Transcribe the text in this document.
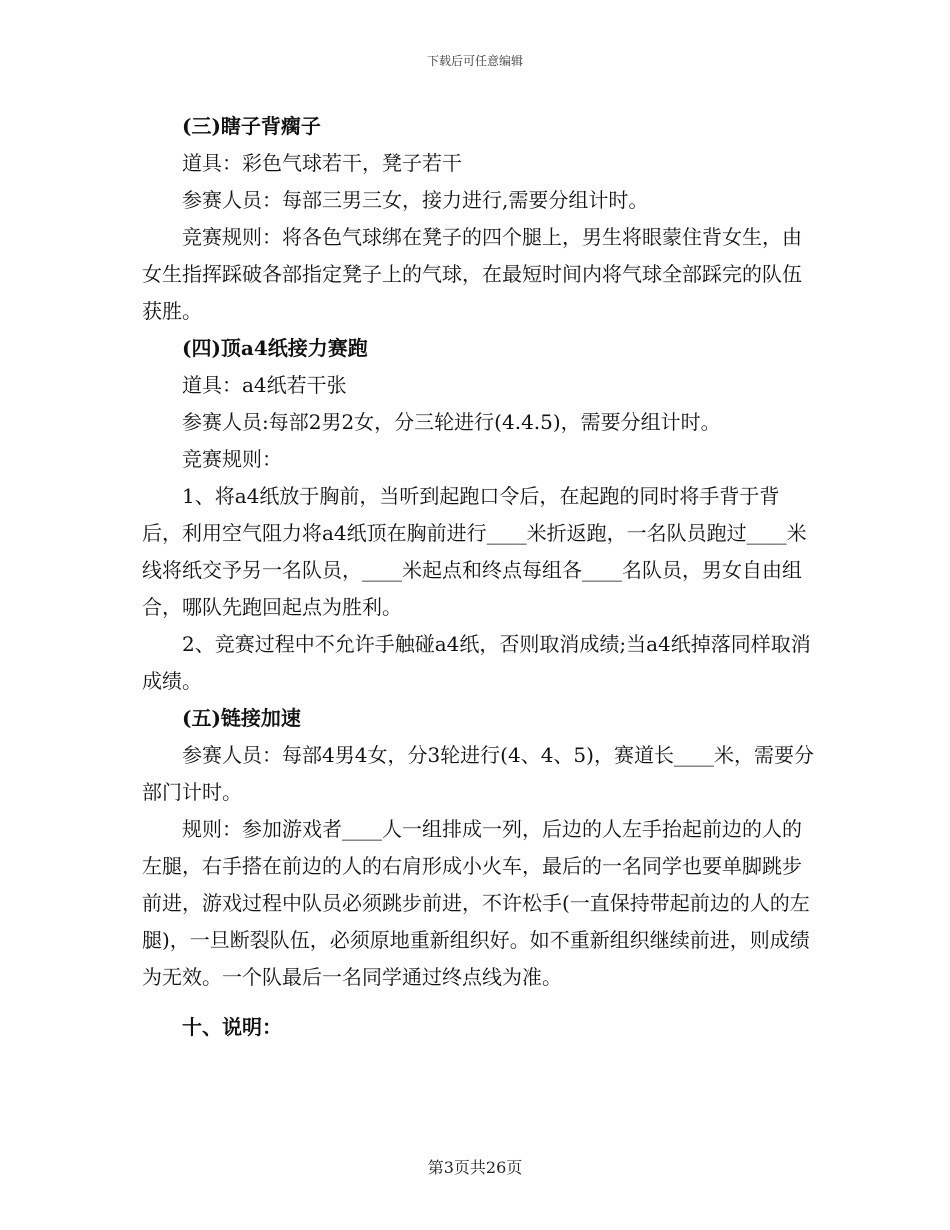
下载后可任意编辑

(三)瞎子背瘸子

道具：彩色气球若干，凳子若干

参赛人员：每部三男三女，接力进行,需要分组计时。

竞赛规则：将各色气球绑在凳子的四个腿上，男生将眼蒙住背女生，由女生指挥踩破各部指定凳子上的气球，在最短时间内将气球全部踩完的队伍获胜。

(四)顶a4纸接力赛跑

道具：a4纸若干张

参赛人员:每部2男2女，分三轮进行(4.4.5)，需要分组计时。

竞赛规则：

1、将a4纸放于胸前，当听到起跑口令后，在起跑的同时将手背于背后，利用空气阻力将a4纸顶在胸前进行____米折返跑，一名队员跑过____米线将纸交予另一名队员，____米起点和终点每组各____名队员，男女自由组合，哪队先跑回起点为胜利。

2、竞赛过程中不允许手触碰a4纸，否则取消成绩;当a4纸掉落同样取消成绩。

(五)链接加速

参赛人员：每部4男4女，分3轮进行(4、4、5)，赛道长____米，需要分部门计时。

规则：参加游戏者____人一组排成一列，后边的人左手抬起前边的人的左腿，右手搭在前边的人的右肩形成小火车，最后的一名同学也要单脚跳步前进，游戏过程中队员必须跳步前进，不许松手(一直保持带起前边的人的左腿)，一旦断裂队伍，必须原地重新组织好。如不重新组织继续前进，则成绩为无效。一个队最后一名同学通过终点线为准。

十、说明：

第3页共26页
